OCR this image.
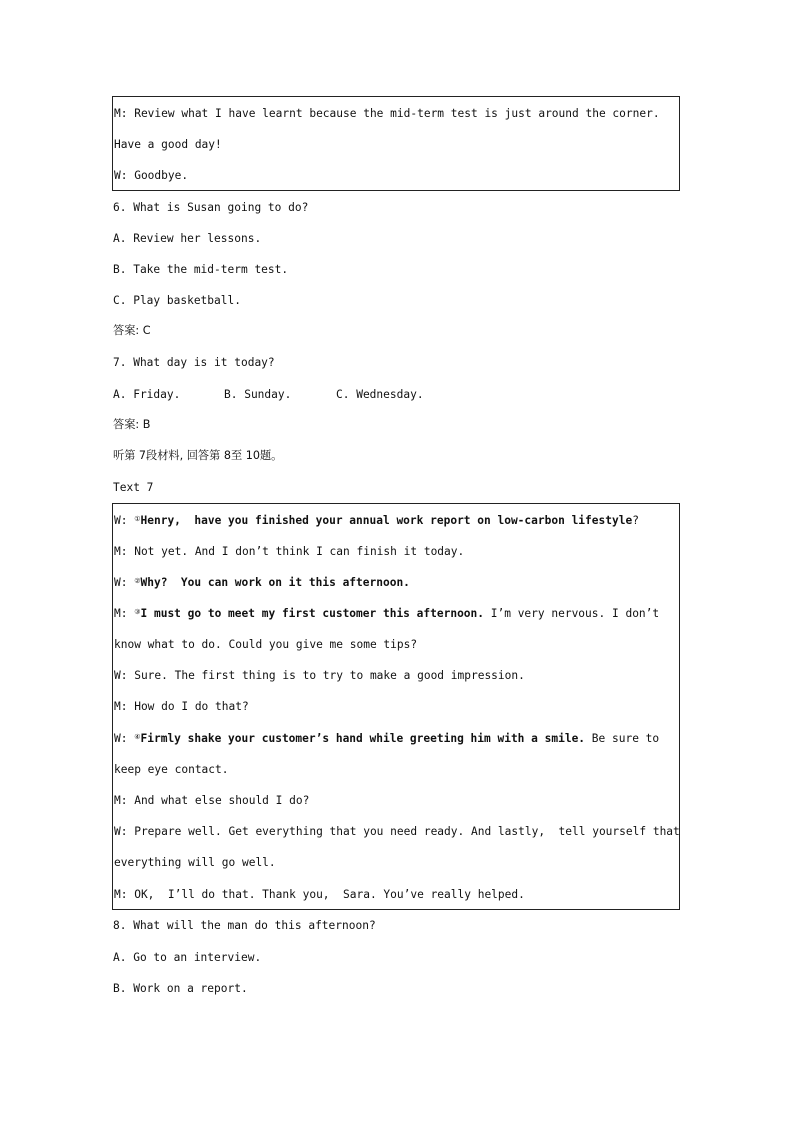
M: Review what I have learnt because the mid-term test is just around the corner.
Have a good day!
W: Goodbye.
6. What is Susan going to do?
A. Review her lessons.
B. Take the mid-term test.
C. Play basketball.
答案: C
7. What day is it today?
A. Friday.	B. Sunday.	C. Wednesday.
答案: B
听第 7段材料, 回答第 8至 10题。
Text 7
W: ①Henry,  have you finished your annual work report on low-carbon lifestyle?
M: Not yet. And I don’t think I can finish it today.
W: ②Why?  You can work on it this afternoon.
M: ③I must go to meet my first customer this afternoon. I’m very nervous. I don’t
know what to do. Could you give me some tips?
W: Sure. The first thing is to try to make a good impression.
M: How do I do that?
W: ④Firmly shake your customer’s hand while greeting him with a smile. Be sure to
keep eye contact.
M: And what else should I do?
W: Prepare well. Get everything that you need ready. And lastly,  tell yourself that
everything will go well.
M: OK,  I’ll do that. Thank you,  Sara. You’ve really helped.
8. What will the man do this afternoon?
A. Go to an interview.
B. Work on a report.
